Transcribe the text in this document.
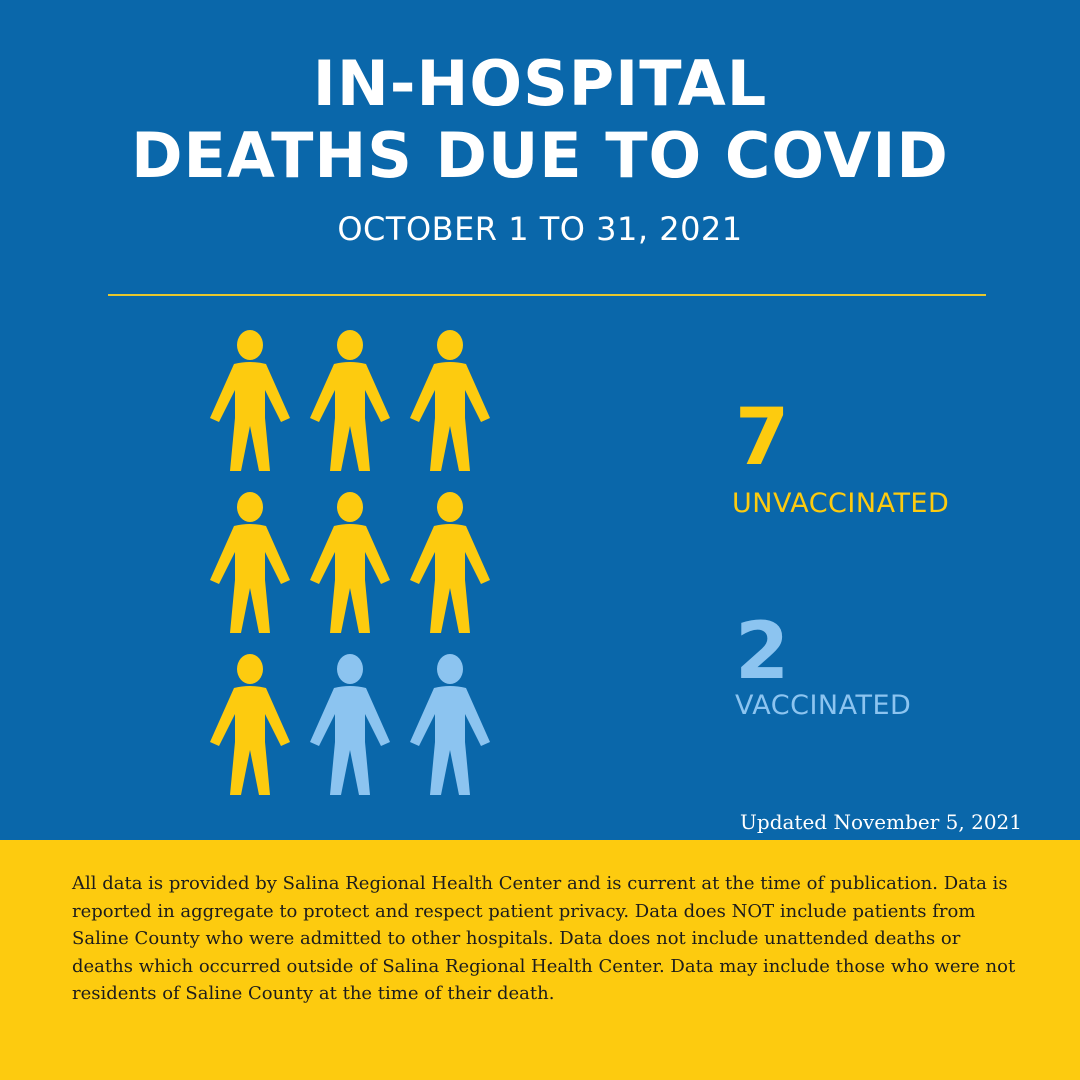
IN-HOSPITAL
DEATHS DUE TO COVID
OCTOBER 1 TO 31, 2021
7
UNVACCINATED
2
VACCINATED
Updated November 5, 2021
All data is provided by Salina Regional Health Center and is current at the time of publication. Data is reported in aggregate to protect and respect patient privacy. Data does NOT include patients from Saline County who were admitted to other hospitals. Data does not include unattended deaths or deaths which occurred outside of Salina Regional Health Center. Data may include those who were not residents of Saline County at the time of their death.
